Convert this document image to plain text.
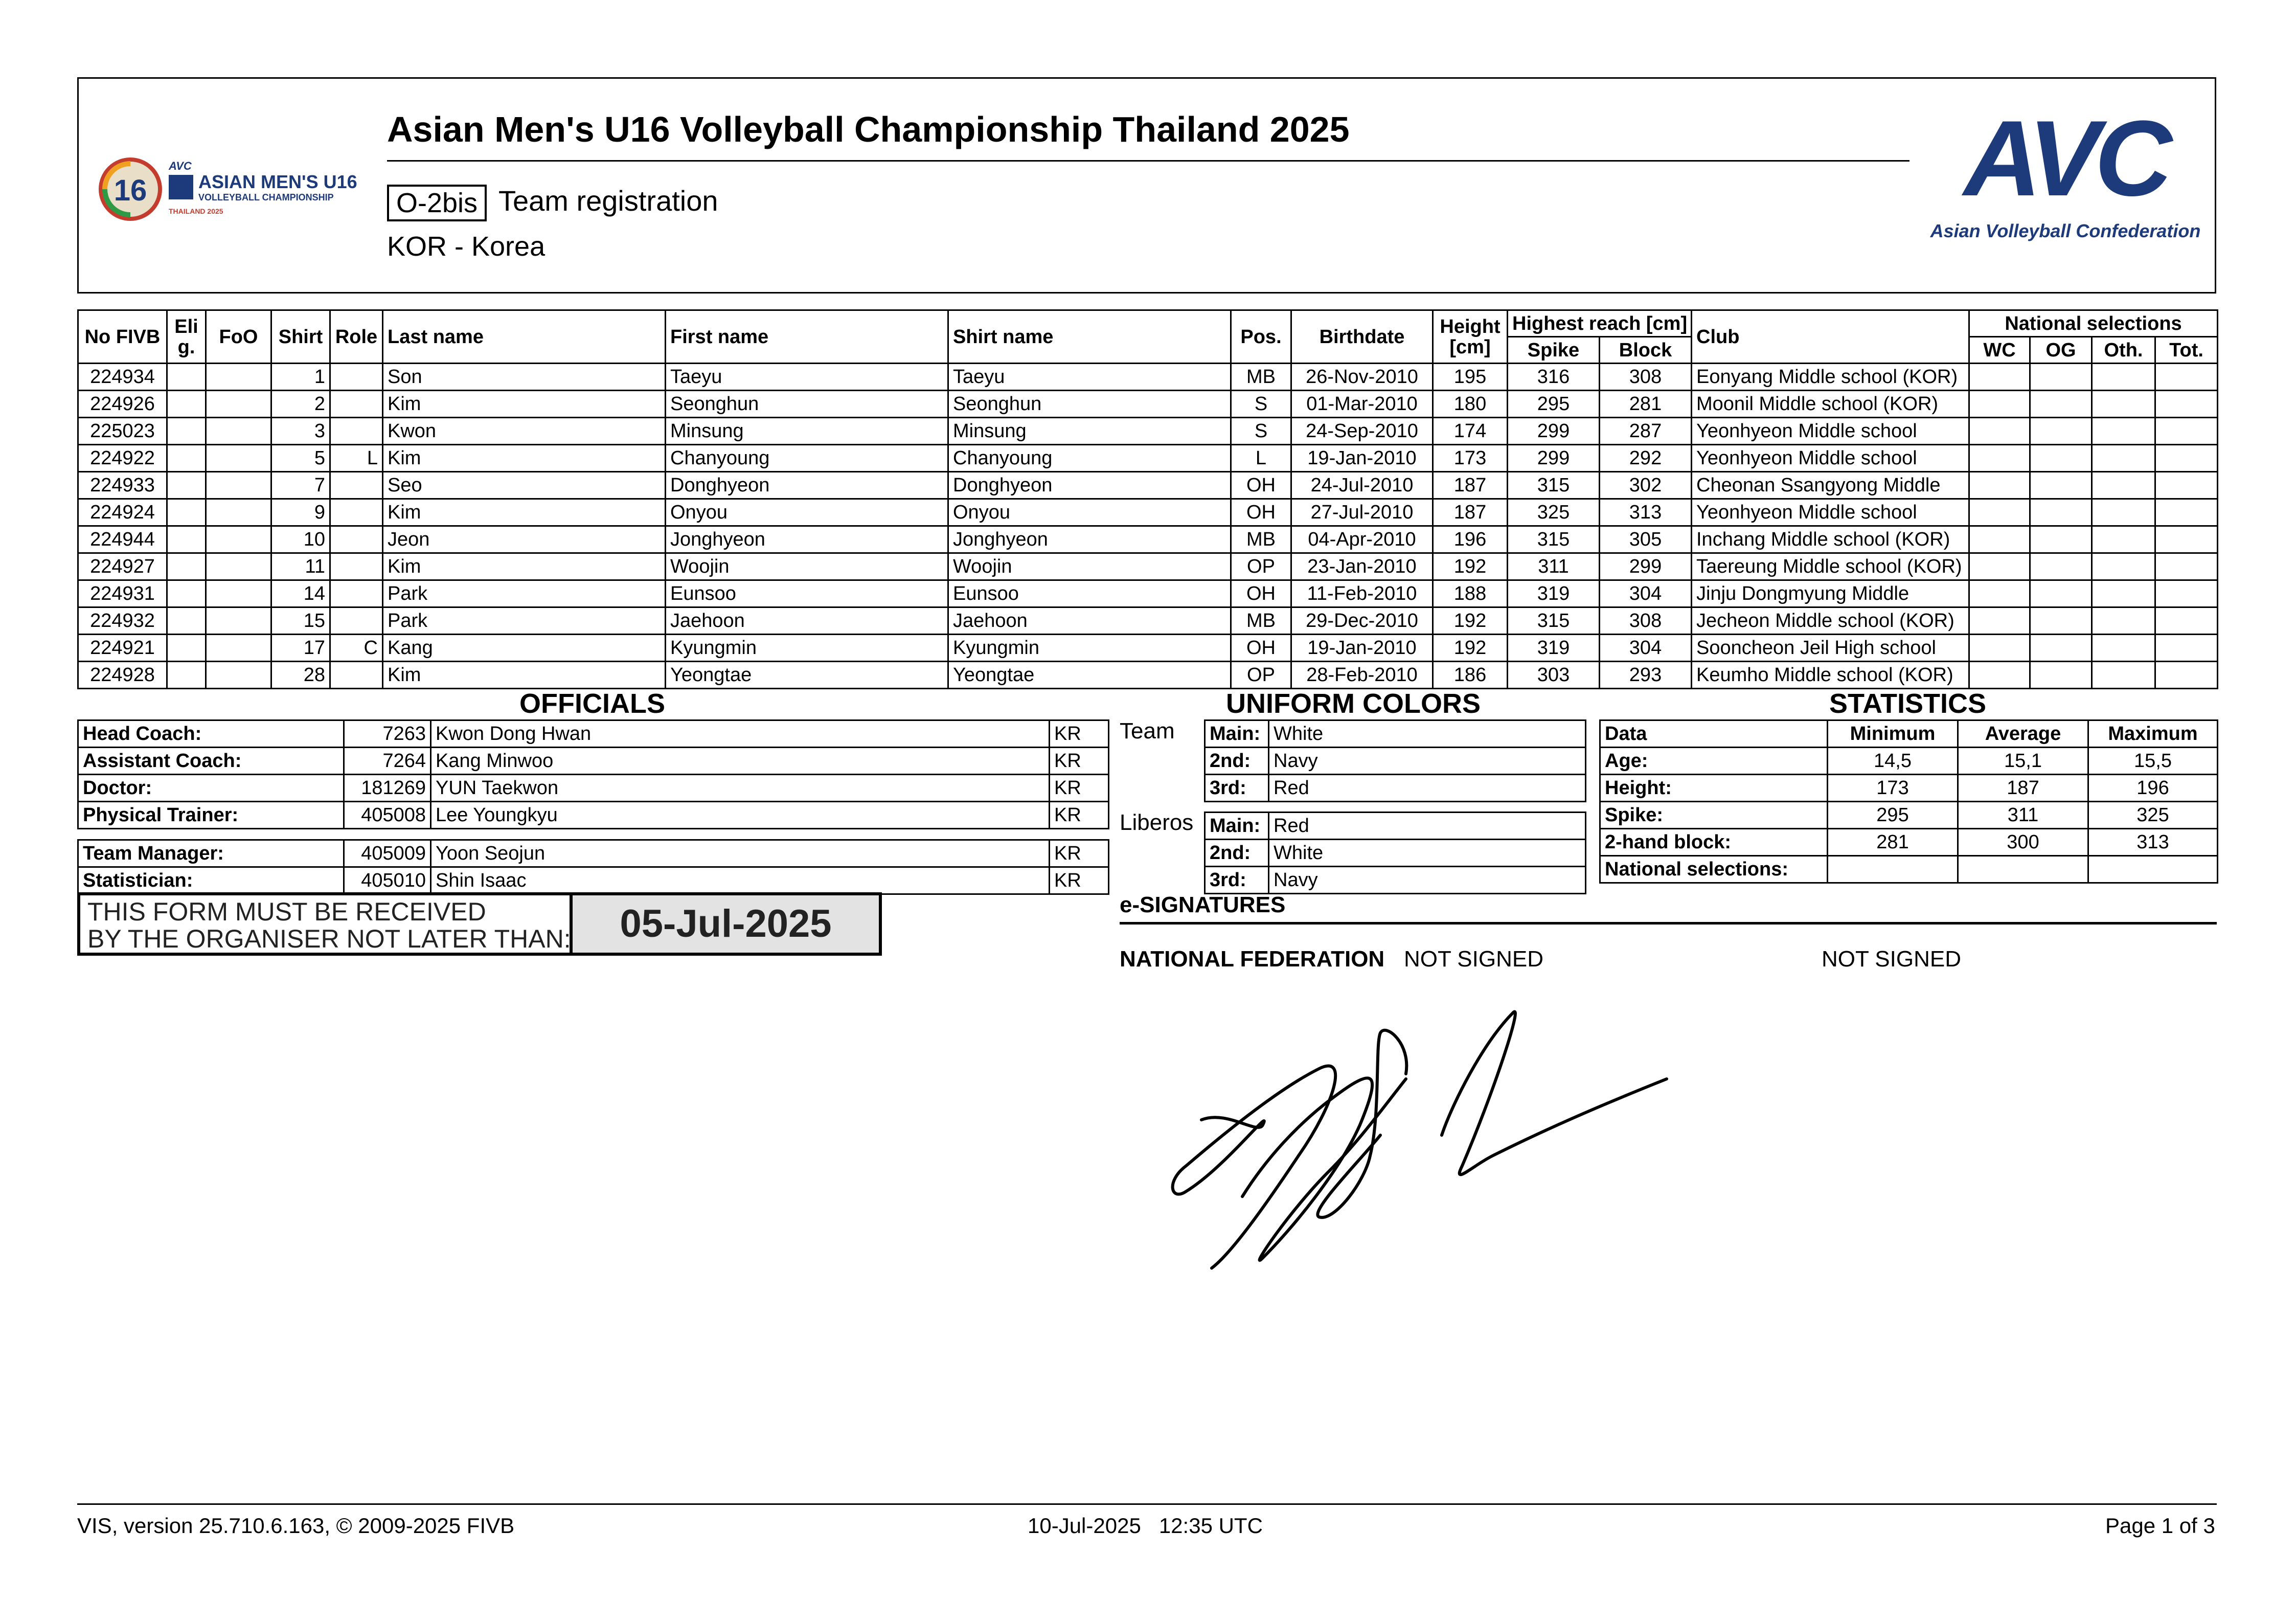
16
AVC
ASIAN MEN'S U16
VOLLEYBALL CHAMPIONSHIP
THAILAND 2025
Asian Men's U16 Volleyball Championship Thailand 2025
O-2bis Team registration
KOR - Korea
AVC
Asian Volleyball Confederation
No FIVB	Eli g.	FoO	Shirt	Role	Last name	First name	Shirt name	Pos.	Birthdate	Height [cm]	Highest reach [cm]		Club	National selections			
											Spike	Block		WC	OG	Oth.	Tot.
224934			1		Son	Taeyu	Taeyu	MB	26-Nov-2010	195	316	308	Eonyang Middle school (KOR)				
224926			2		Kim	Seonghun	Seonghun	S	01-Mar-2010	180	295	281	Moonil Middle school (KOR)				
225023			3		Kwon	Minsung	Minsung	S	24-Sep-2010	174	299	287	Yeonhyeon Middle school				
224922			5	L	Kim	Chanyoung	Chanyoung	L	19-Jan-2010	173	299	292	Yeonhyeon Middle school				
224933			7		Seo	Donghyeon	Donghyeon	OH	24-Jul-2010	187	315	302	Cheonan Ssangyong Middle				
224924			9		Kim	Onyou	Onyou	OH	27-Jul-2010	187	325	313	Yeonhyeon Middle school				
224944			10		Jeon	Jonghyeon	Jonghyeon	MB	04-Apr-2010	196	315	305	Inchang Middle school (KOR)				
224927			11		Kim	Woojin	Woojin	OP	23-Jan-2010	192	311	299	Taereung Middle school (KOR)				
224931			14		Park	Eunsoo	Eunsoo	OH	11-Feb-2010	188	319	304	Jinju Dongmyung Middle				
224932			15		Park	Jaehoon	Jaehoon	MB	29-Dec-2010	192	315	308	Jecheon Middle school (KOR)				
224921			17	C	Kang	Kyungmin	Kyungmin	OH	19-Jan-2010	192	319	304	Sooncheon Jeil High school				
224928			28		Kim	Yeongtae	Yeongtae	OP	28-Feb-2010	186	303	293	Keumho Middle school (KOR)				
OFFICIALS
Head Coach:	7263	Kwon Dong Hwan	KR
Assistant Coach:	7264	Kang Minwoo	KR
Doctor:	181269	YUN Taekwon	KR
Physical Trainer:	405008	Lee Youngkyu	KR
Team Manager:	405009	Yoon Seojun	KR
Statistician:	405010	Shin Isaac	KR
THIS FORM MUST BE RECEIVED
BY THE ORGANISER NOT LATER THAN:	05-Jul-2025
UNIFORM COLORS
Team Main:	White
2nd:	Navy
3rd:	Red
Liberos Main:	Red
2nd:	White
3rd:	Navy
STATISTICS
Data	Minimum	Average	Maximum
Age:	14,5	15,1	15,5
Height:	173	187	196
Spike:	295	311	325
2-hand block:	281	300	313
National selections:			
e-SIGNATURES
NATIONAL FEDERATION NOT SIGNED	NOT SIGNED
VIS, version 25.710.6.163, © 2009-2025 FIVB	10-Jul-2025   12:35 UTC	Page 1 of 3
